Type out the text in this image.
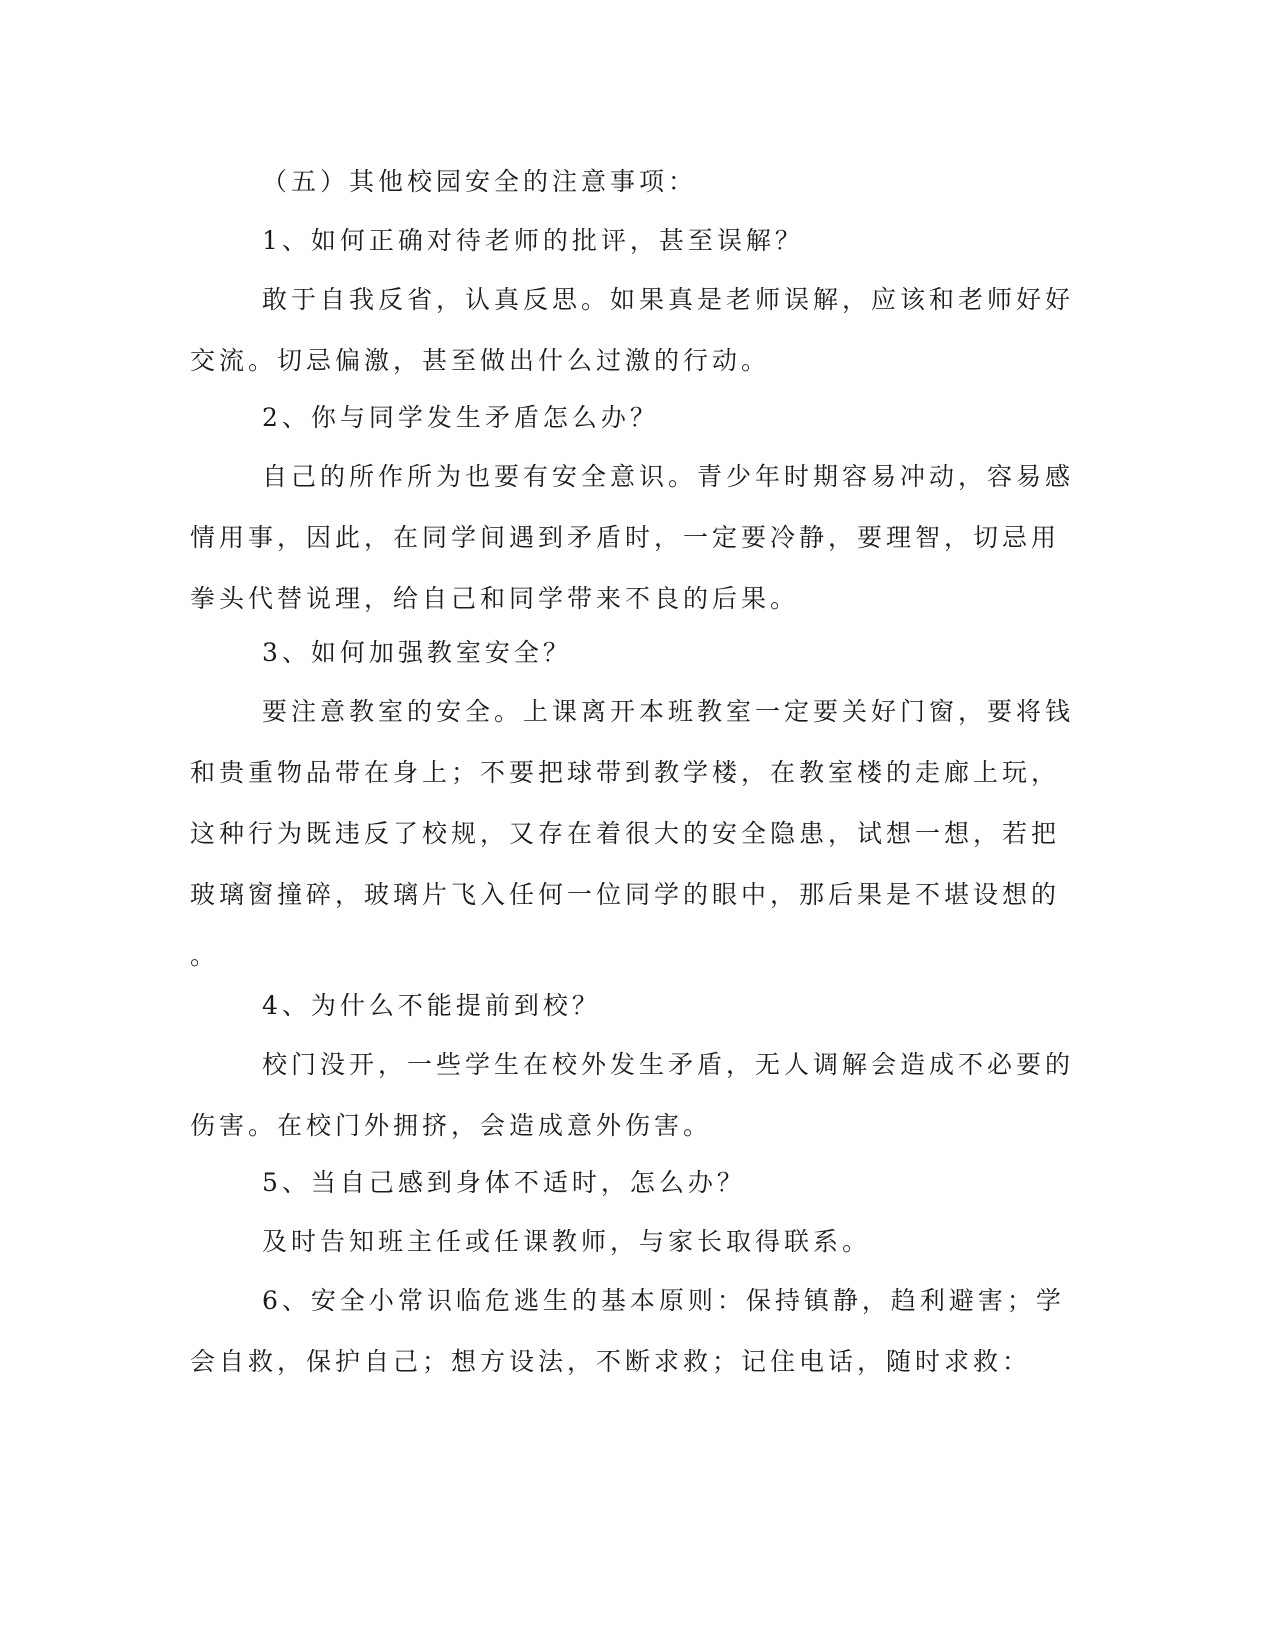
（五）其他校园安全的注意事项：

1、如何正确对待老师的批评，甚至误解？

敢于自我反省，认真反思。如果真是老师误解，应该和老师好好
交流。切忌偏激，甚至做出什么过激的行动。

2、你与同学发生矛盾怎么办？

自己的所作所为也要有安全意识。青少年时期容易冲动，容易感
情用事，因此，在同学间遇到矛盾时，一定要冷静，要理智，切忌用
拳头代替说理，给自己和同学带来不良的后果。

3、如何加强教室安全？

要注意教室的安全。上课离开本班教室一定要关好门窗，要将钱
和贵重物品带在身上；不要把球带到教学楼，在教室楼的走廊上玩，
这种行为既违反了校规，又存在着很大的安全隐患，试想一想，若把
玻璃窗撞碎，玻璃片飞入任何一位同学的眼中，那后果是不堪设想的
。

4、为什么不能提前到校？

校门没开，一些学生在校外发生矛盾，无人调解会造成不必要的
伤害。在校门外拥挤，会造成意外伤害。

5、当自己感到身体不适时，怎么办？

及时告知班主任或任课教师，与家长取得联系。
6、安全小常识临危逃生的基本原则：保持镇静，趋利避害；学
会自救，保护自己；想方设法，不断求救；记住电话，随时求救：
